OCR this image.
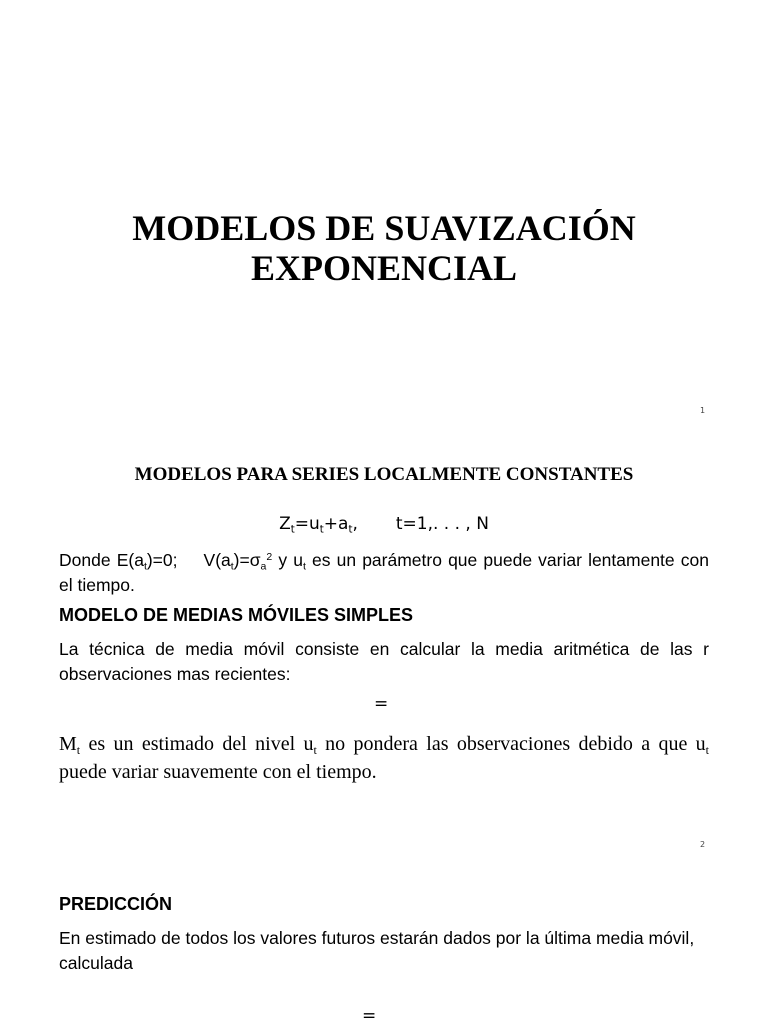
MODELOS DE SUAVIZACIÓN
EXPONENCIAL
1
MODELOS PARA SERIES LOCALMENTE CONSTANTES
$Z_t=u_t+a_t$, t=1,. . . , N
Donde $E(a_t)=0$; $V(a_t)=\sigma_a^2$ y $u_t$ es un parámetro que puede variar lentamente con el tiempo.
MODELO DE MEDIAS MÓVILES SIMPLES
La técnica de media móvil consiste en calcular la media aritmética de las r observaciones mas recientes:
=
$M_t$ es un estimado del nivel $u_t$ no pondera las observaciones debido a que $u_t$ puede variar suavemente con el tiempo.
2
PREDICCIÓN
En estimado de todos los valores futuros estarán dados por la última media móvil, calculada
=
